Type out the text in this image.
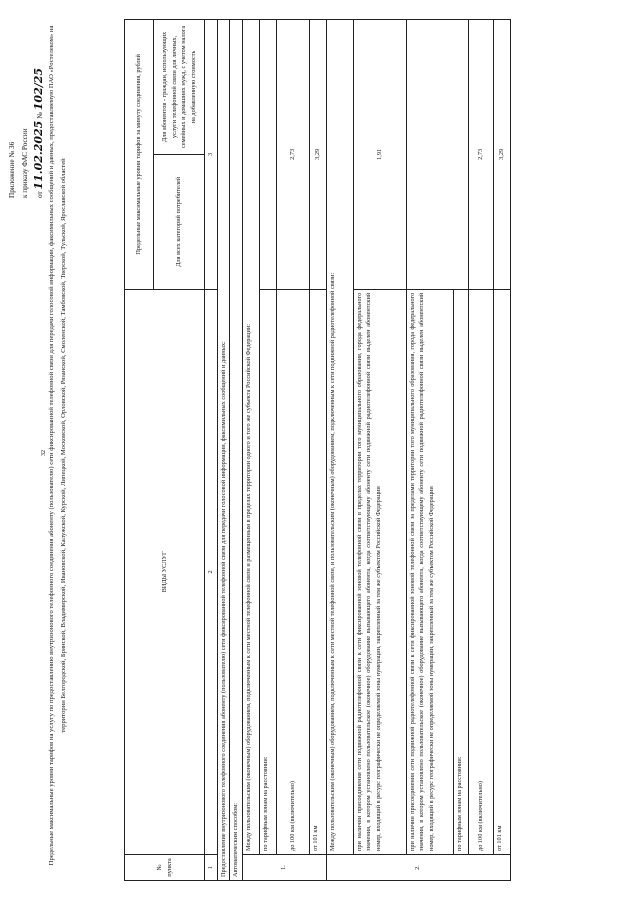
32
Приложение № 36 к приказу ФАС России от 11.02.2025 № 102/25 Предельные максимальные уровни тарифов на услугу по предоставлению внутризонового телефонного соединения абоненту (пользователю) сети фиксированной телефонной связи для передачи голосовой информации, факсимильных сообщений и данных, предоставляемую ПАО «Ростелеком» на территории Белгородской, Брянской, Владимирской, Ивановской, Калужской, Курской, Липецкой, Московской, Орловской, Рязанской, Смоленской, Тамбовской, Тверской, Тульской, Ярославской областей
№ пункта	ВИДЫ УСЛУГ	Предельные максимальные уровни тарифов за минуту соединения, рублей	
		Для всех категорий потребителей	Для абонентов - граждан, использующих услуги телефонной связи для личных, семейных и домашних нужд, с учетом налога на добавленную стоимость
1	2	3	
Предоставление внутризонового телефонного соединения абоненту (пользователю) сети фиксированной телефонной связи для передачи голосовой информации, факсимильных сообщений и данных:			
Автоматическим способом:			
1.	Между пользовательским (оконечным) оборудованием, подключенным к сети местной телефонной связи и размещенным в пределах территории одного и того же субъекта Российской Федерации:		
	по тарифным зонам на расстоянии:		
	до 100 км (включительно)	2,73	
	от 101 км	3,29	
2.	Между пользовательским (оконечным) оборудованием, подключенным к сети местной телефонной связи, и пользовательским (оконечным) оборудованием, подключенным к сети подвижной радиотелефонной связи:		
	при наличии присоединения сети подвижной радиотелефонной связи к сети фиксированной зоновой телефонной связи в пределах территории того муниципального образования, города федерального значения, в котором установлено пользовательское (оконечное) оборудование вызывающего абонента, когда соответствующему абоненту сети подвижной радиотелефонной связи выделен абонентский номер, входящий в ресурс географически не определяемой зоны нумерации, закрепленный за тем же субъектом Российской Федерации	1,91	
	при наличии присоединения сети подвижной радиотелефонной связи к сети фиксированной зоновой телефонной связи за пределами территории того муниципального образования, города федерального значения, в котором установлено пользовательское (оконечное) оборудование вызывающего абонента, когда соответствующему абоненту сети подвижной радиотелефонной связи выделен абонентский номер, входящий в ресурс географически не определяемой зоны нумерации, закрепленный за тем же субъектом Российской Федерации		
	по тарифным зонам на расстоянии:		
	до 100 км (включительно)	2,73	
	от 101 км	3,29	
